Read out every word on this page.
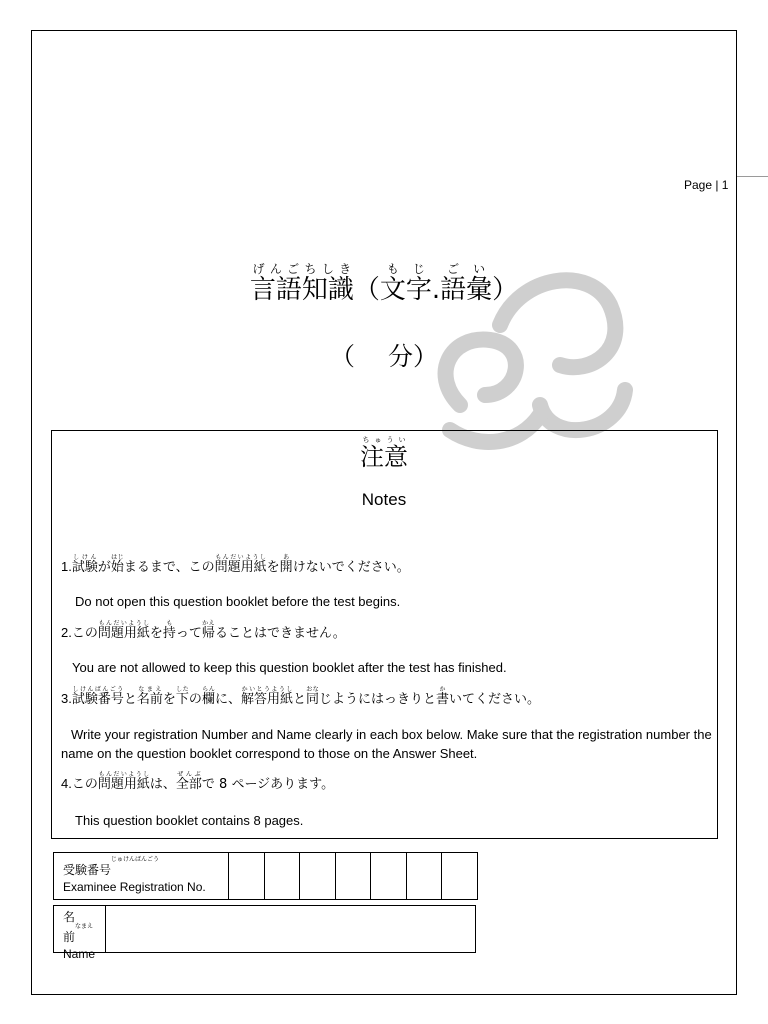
Page | 1
言語知識げんごちしき（文字もじ.語彙ごい）
（　 分）
注意ちゅうい
Notes
1.試験しけんが始はじまるまで、この問題用紙もんだいようしを開あけないでください。
Do not open this question booklet before the test begins.
2.この問題用紙もんだいようしを持もって帰かえることはできません。
You are not allowed to keep this question booklet after the test has finished.
3.試験番号しけんばんごうと名前なまえを下したの欄らんに、解答用紙かいとうようしと同おなじようにはっきりと書かいてください。
Write your registration Number and Name clearly in each box below. Make sure that the registration number the name on the question booklet correspond to those on the Answer Sheet.
4.この問題用紙もんだいようしは、全部ぜんぶで 8 ページあります。
This question booklet contains 8 pages.
受験番号じゅけんばんごう
Examinee Registration No.
名前なまえ
Name
